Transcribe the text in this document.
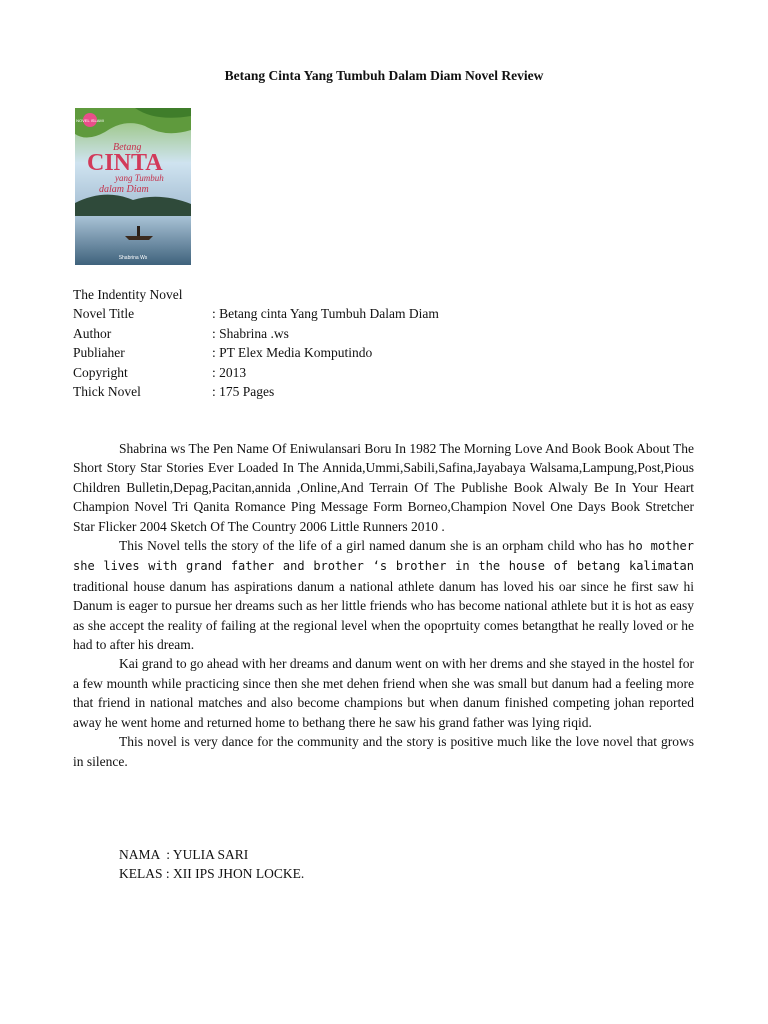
Betang Cinta Yang Tumbuh Dalam Diam Novel Review
NOVEL ISLAMI
Betang
CINTA
yang Tumbuh
dalam Diam
Shabrina Ws
The Indentity Novel
Novel Title	: Betang cinta Yang Tumbuh Dalam Diam
Author	: Shabrina .ws
Publiaher	: PT Elex Media Komputindo
Copyright	: 2013
Thick Novel	: 175 Pages

Shabrina ws The Pen Name Of Eniwulansari Boru In 1982 The Morning Love And Book Book About The Short Story Star Stories Ever Loaded In The Annida,Ummi,Sabili,Safina,Jayabaya Walsama,Lampung,Post,Pious Children Bulletin,Depag,Pacitan,annida ,Online,And Terrain Of The Publishe Book Alwaly Be In Your Heart Champion Novel Tri Qanita Romance Ping Message Form Borneo,Champion Novel One Days Book Stretcher Star Flicker 2004 Sketch Of The Country 2006 Little Runners 2010 .

This Novel tells the story of the life of a girl named danum she is an orpham child who has ho mother she lives with grand father and brother ‘s brother in the house of betang kalimatan traditional house danum has aspirations danum a national athlete danum has loved his oar since he first saw hi Danum is eager to pursue her dreams such as her little friends who has become national athlete but it is hot as easy as she accept the reality of failing at the regional level when the opoprtuity comes betangthat he really loved or he had to after his dream.

Kai grand to go ahead with her dreams and danum went on with her drems and she stayed in the hostel for a few mounth while practicing since then she met dehen friend when she was small but danum had a feeling more that friend in national matches and also become champions but when danum finished competing johan reported away he went home and returned home to bethang there he saw his grand father was lying riqid.

This novel is very dance for the community and the story is positive much like the love novel that grows in silence.

NAMA  : YULIA SARI
KELAS : XII IPS JHON LOCKE.
